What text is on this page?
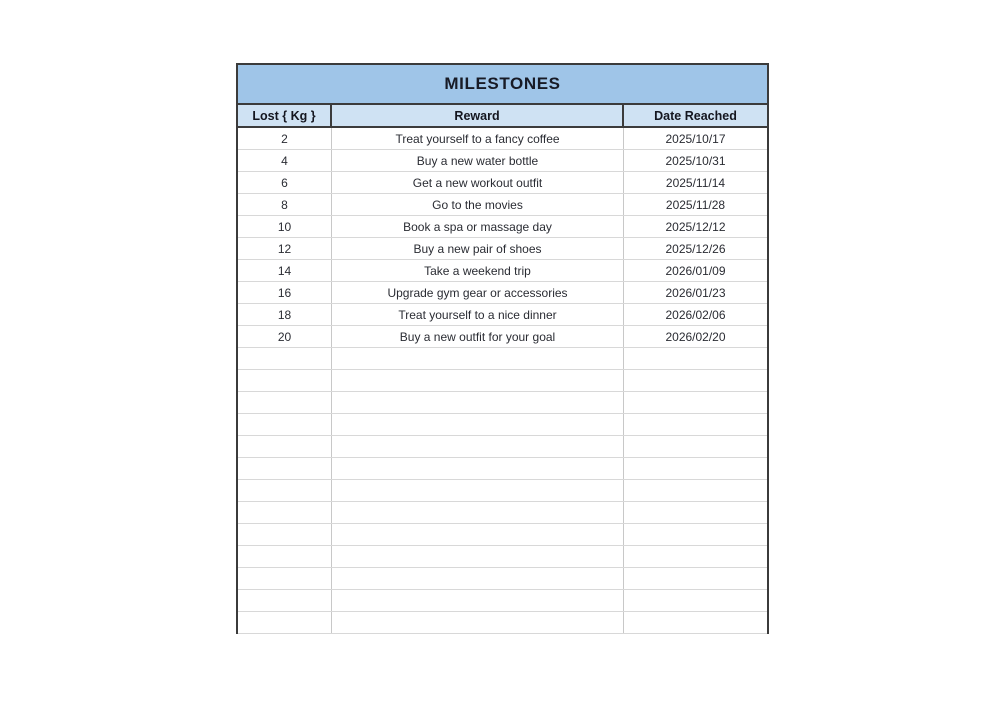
MILESTONES
Lost { Kg }	Reward	Date Reached
2	Treat yourself to a fancy coffee	2025/10/17
4	Buy a new water bottle	2025/10/31
6	Get a new workout outfit	2025/11/14
8	Go to the movies	2025/11/28
10	Book a spa or massage day	2025/12/12
12	Buy a new pair of shoes	2025/12/26
14	Take a weekend trip	2026/01/09
16	Upgrade gym gear or accessories	2026/01/23
18	Treat yourself to a nice dinner	2026/02/06
20	Buy a new outfit for your goal	2026/02/20
